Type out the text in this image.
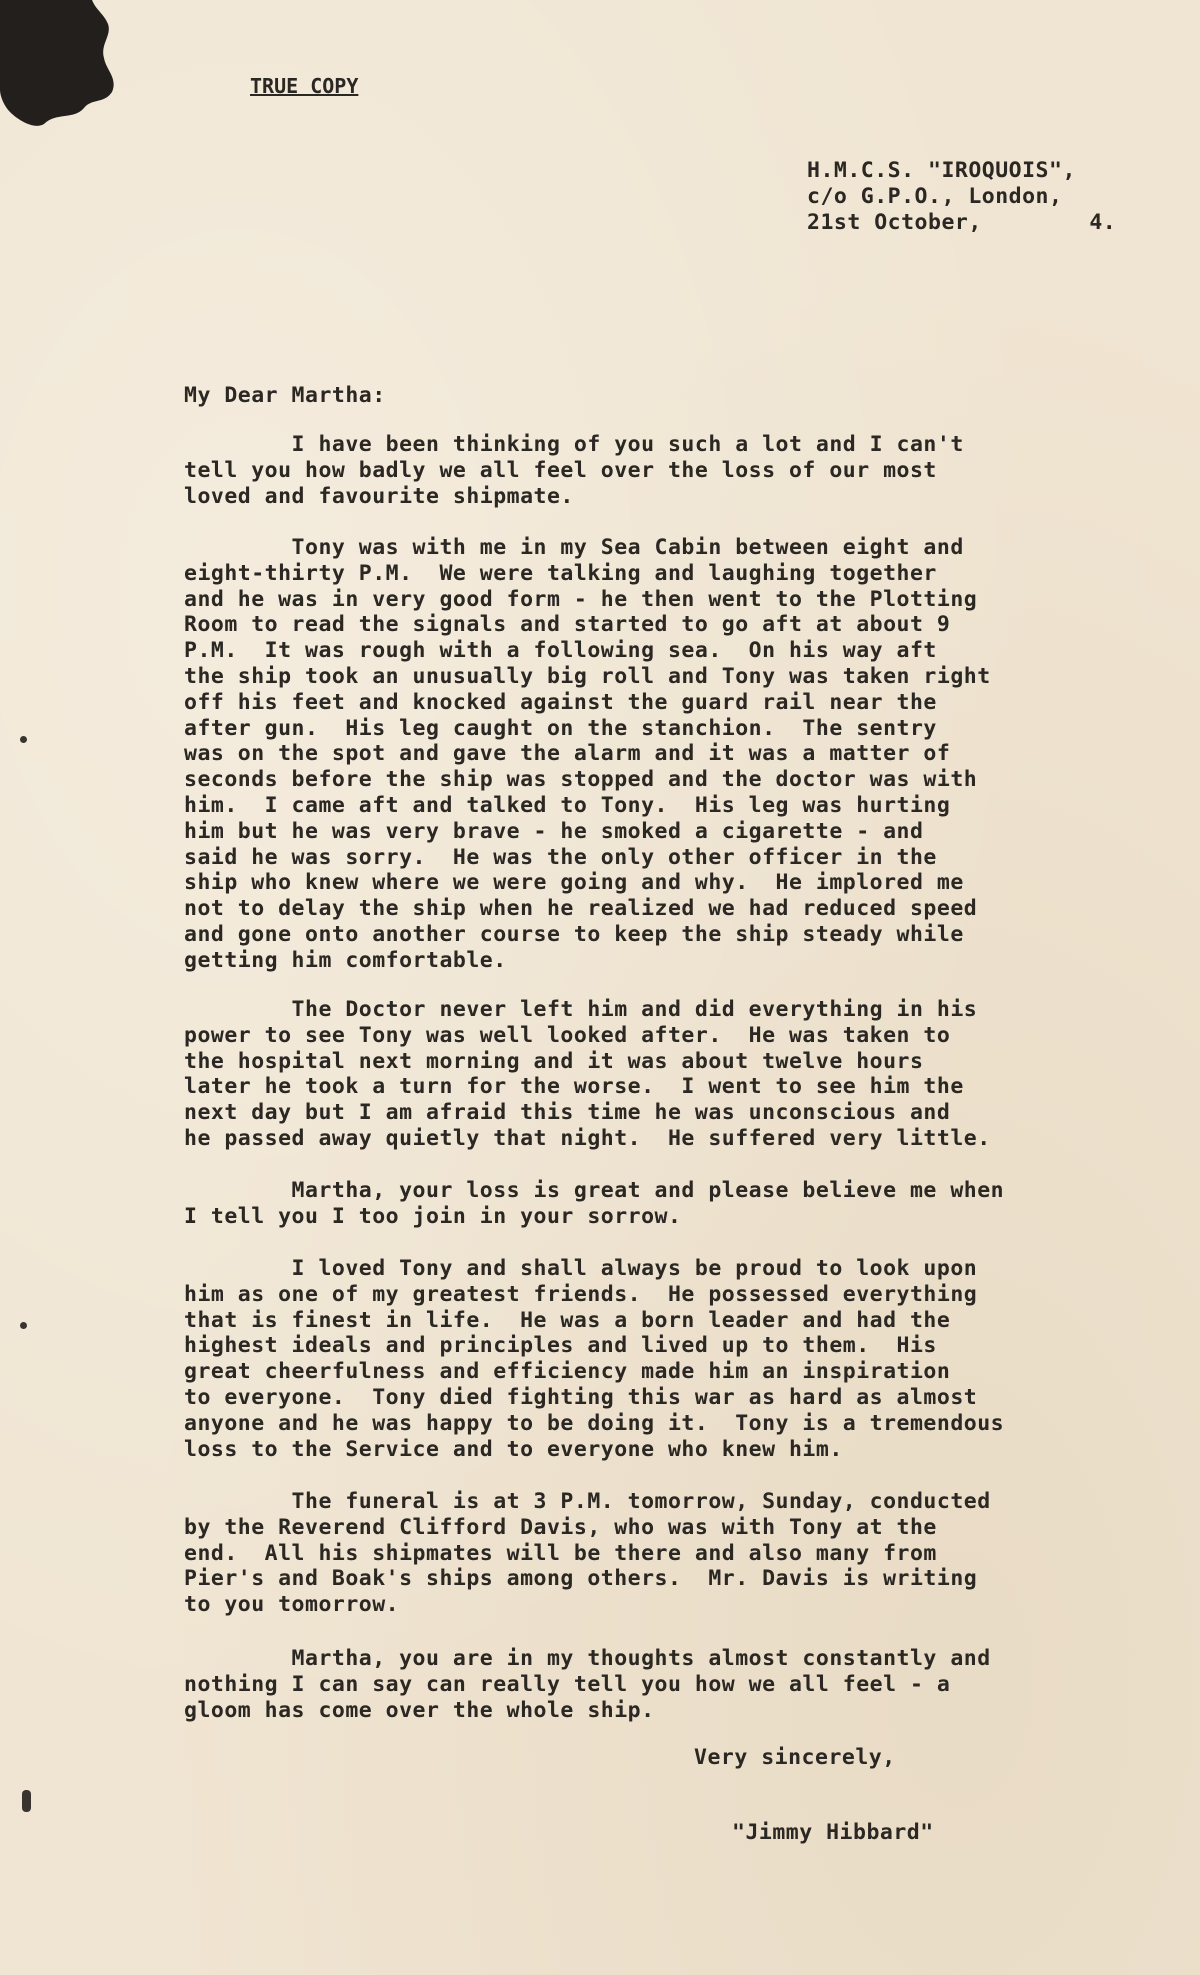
TRUE COPY
H.M.C.S. "IROQUOIS",
c/o G.P.O., London,
21st October,        4.
My Dear Martha:
I have been thinking of you such a lot and I can't
tell you how badly we all feel over the loss of our most
loved and favourite shipmate.
Tony was with me in my Sea Cabin between eight and
eight-thirty P.M.  We were talking and laughing together
and he was in very good form - he then went to the Plotting
Room to read the signals and started to go aft at about 9
P.M.  It was rough with a following sea.  On his way aft
the ship took an unusually big roll and Tony was taken right
off his feet and knocked against the guard rail near the
after gun.  His leg caught on the stanchion.  The sentry
was on the spot and gave the alarm and it was a matter of
seconds before the ship was stopped and the doctor was with
him.  I came aft and talked to Tony.  His leg was hurting
him but he was very brave - he smoked a cigarette - and
said he was sorry.  He was the only other officer in the
ship who knew where we were going and why.  He implored me
not to delay the ship when he realized we had reduced speed
and gone onto another course to keep the ship steady while
getting him comfortable.
The Doctor never left him and did everything in his
power to see Tony was well looked after.  He was taken to
the hospital next morning and it was about twelve hours
later he took a turn for the worse.  I went to see him the
next day but I am afraid this time he was unconscious and
he passed away quietly that night.  He suffered very little.
Martha, your loss is great and please believe me when
I tell you I too join in your sorrow.
I loved Tony and shall always be proud to look upon
him as one of my greatest friends.  He possessed everything
that is finest in life.  He was a born leader and had the
highest ideals and principles and lived up to them.  His
great cheerfulness and efficiency made him an inspiration
to everyone.  Tony died fighting this war as hard as almost
anyone and he was happy to be doing it.  Tony is a tremendous
loss to the Service and to everyone who knew him.
The funeral is at 3 P.M. tomorrow, Sunday, conducted
by the Reverend Clifford Davis, who was with Tony at the
end.  All his shipmates will be there and also many from
Pier's and Boak's ships among others.  Mr. Davis is writing
to you tomorrow.
Martha, you are in my thoughts almost constantly and
nothing I can say can really tell you how we all feel - a
gloom has come over the whole ship.
Very sincerely,
"Jimmy Hibbard"
